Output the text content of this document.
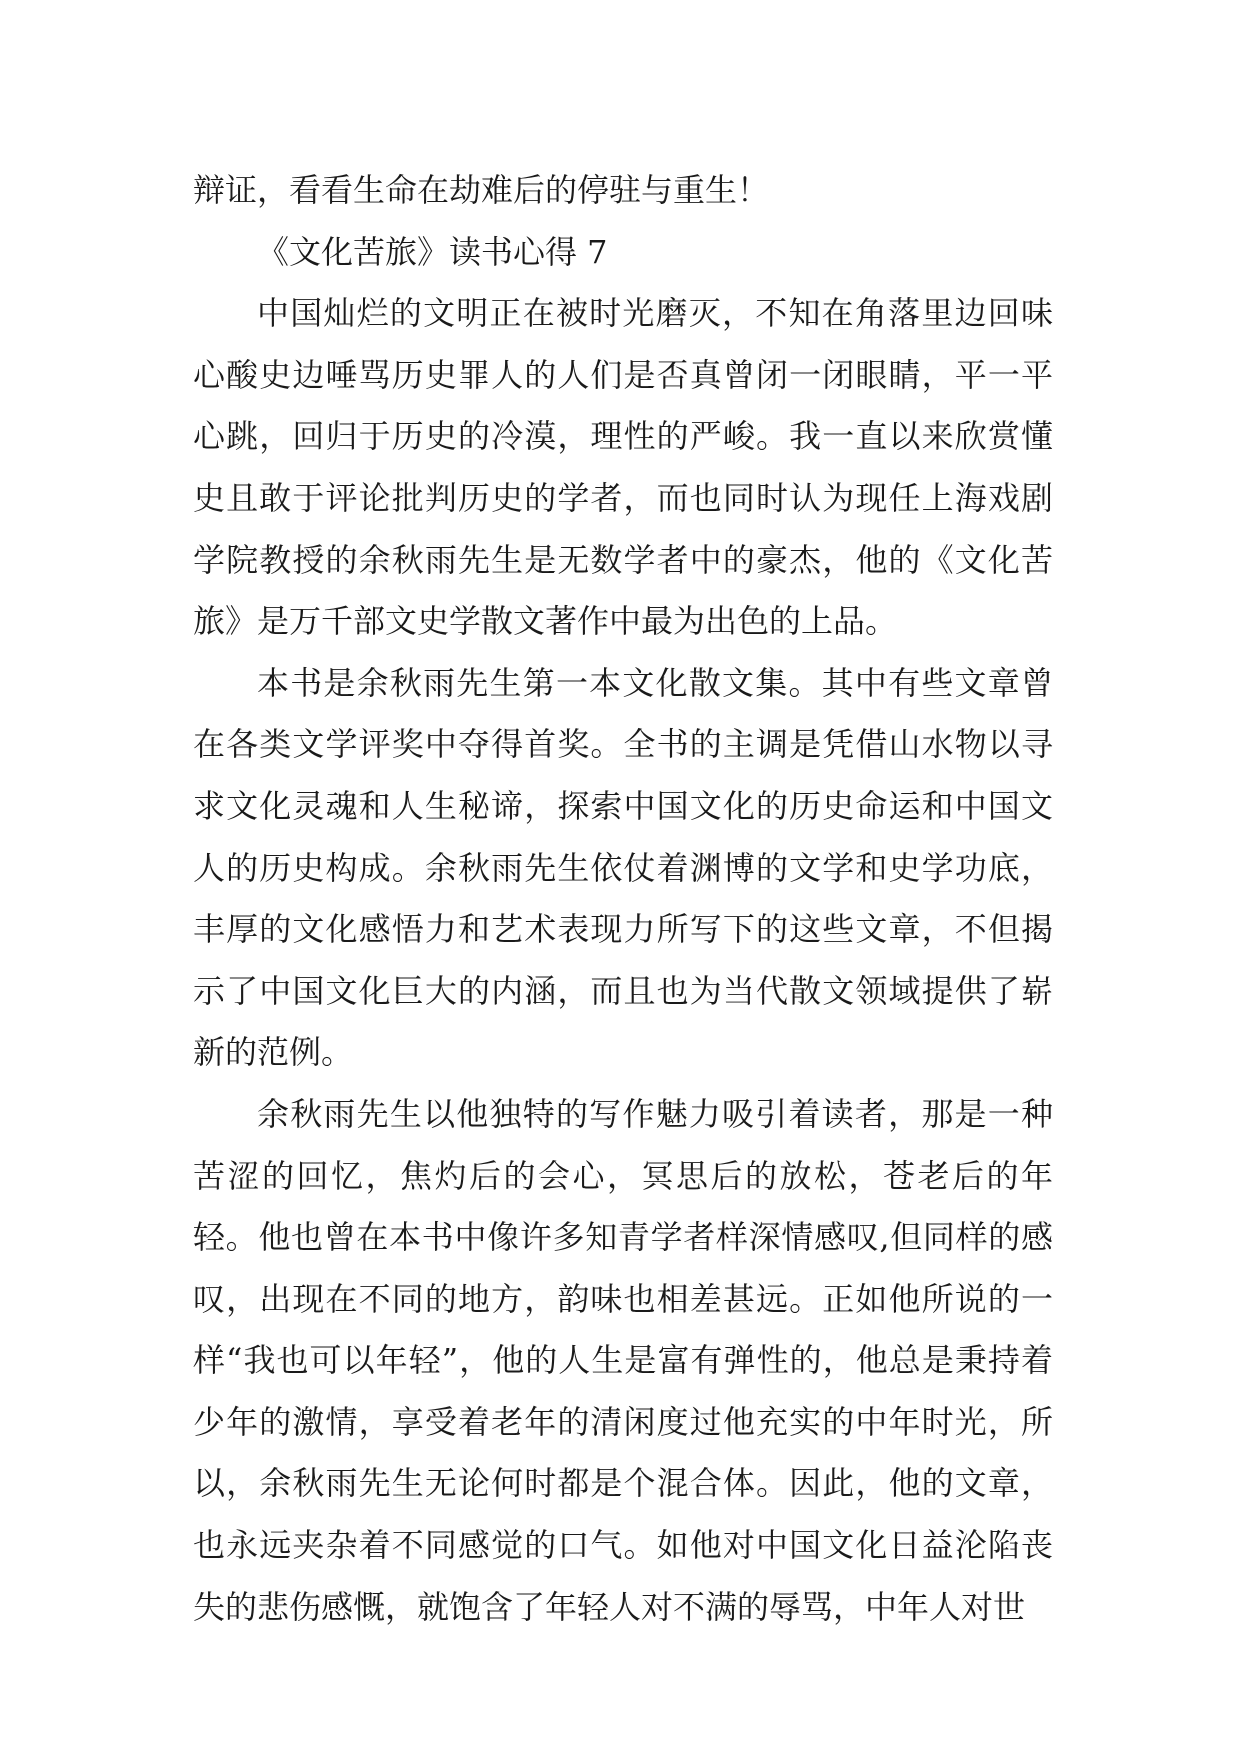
辩证，看看生命在劫难后的停驻与重生！

《文化苦旅》读书心得 7

中国灿烂的文明正在被时光磨灭，不知在角落里边回味心酸史边唾骂历史罪人的人们是否真曾闭一闭眼睛，平一平心跳，回归于历史的冷漠，理性的严峻。我一直以来欣赏懂史且敢于评论批判历史的学者，而也同时认为现任上海戏剧学院教授的余秋雨先生是无数学者中的豪杰，他的《文化苦旅》是万千部文史学散文著作中最为出色的上品。

本书是余秋雨先生第一本文化散文集。其中有些文章曾在各类文学评奖中夺得首奖。全书的主调是凭借山水物以寻求文化灵魂和人生秘谛，探索中国文化的历史命运和中国文人的历史构成。余秋雨先生依仗着渊博的文学和史学功底，丰厚的文化感悟力和艺术表现力所写下的这些文章，不但揭示了中国文化巨大的内涵，而且也为当代散文领域提供了崭新的范例。

余秋雨先生以他独特的写作魅力吸引着读者，那是一种苦涩的回忆，焦灼后的会心，冥思后的放松，苍老后的年轻。他也曾在本书中像许多知青学者样深情感叹,但同样的感叹，出现在不同的地方，韵味也相差甚远。正如他所说的一样“我也可以年轻”，他的人生是富有弹性的，他总是秉持着少年的激情，享受着老年的清闲度过他充实的中年时光，所以，余秋雨先生无论何时都是个混合体。因此，他的文章，也永远夹杂着不同感觉的口气。如他对中国文化日益沦陷丧失的悲伤感慨，就饱含了年轻人对不满的辱骂，中年人对世
